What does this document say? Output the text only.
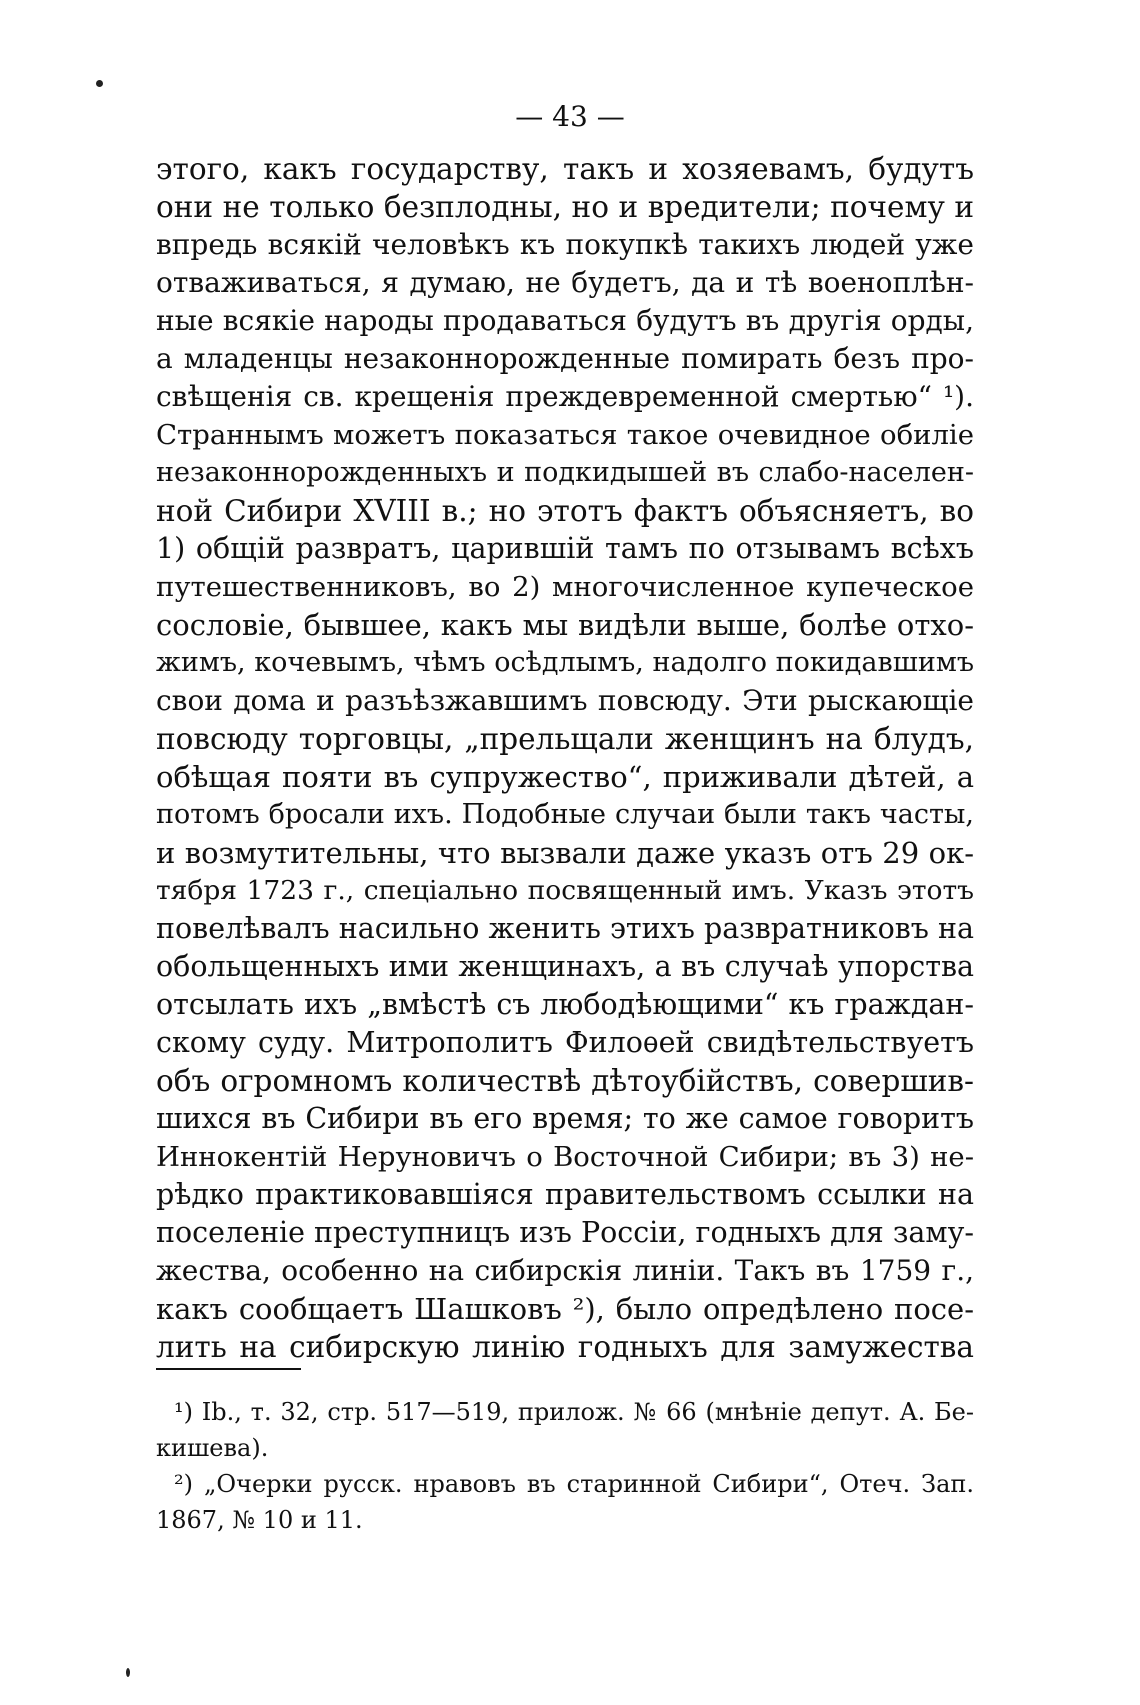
— 43 —
этого, какъ государству, такъ и хозяевамъ, будутъ
они не только безплодны, но и вредители; почему и
впредь всякій человѣкъ къ покупкѣ такихъ людей уже
отваживаться, я думаю, не будетъ, да и тѣ военоплѣн-
ные всякіе народы продаваться будутъ въ другія орды,
а младенцы незаконнорожденные помирать безъ про-
свѣщенія св. крещенія преждевременной смертью“ ¹).
Страннымъ можетъ показаться такое очевидное обиліе
незаконнорожденныхъ и подкидышей въ слабо-населен-
ной Сибири XVIII в.; но этотъ фактъ объясняетъ, во
1) общій развратъ, царившій тамъ по отзывамъ всѣхъ
путешественниковъ, во 2) многочисленное купеческое
сословіе, бывшее, какъ мы видѣли выше, болѣе отхо-
жимъ, кочевымъ, чѣмъ осѣдлымъ, надолго покидавшимъ
свои дома и разъѣзжавшимъ повсюду. Эти рыскающіе
повсюду торговцы, „прельщали женщинъ на блудъ,
обѣщая пояти въ супружество“, приживали дѣтей, а
потомъ бросали ихъ. Подобные случаи были такъ часты,
и возмутительны, что вызвали даже указъ отъ 29 ок-
тября 1723 г., спеціально посвященный имъ. Указъ этотъ
повелѣвалъ насильно женить этихъ развратниковъ на
обольщенныхъ ими женщинахъ, а въ случаѣ упорства
отсылать ихъ „вмѣстѣ съ любодѣющими“ къ граждан-
скому суду. Митрополитъ Филоѳей свидѣтельствуетъ
объ огромномъ количествѣ дѣтоубійствъ, совершив-
шихся въ Сибири въ его время; то же самое говоритъ
Иннокентій Неруновичъ о Восточной Сибири; въ 3) не-
рѣдко практиковавшіяся правительствомъ ссылки на
поселеніе преступницъ изъ Россіи, годныхъ для заму-
жества, особенно на сибирскія линіи. Такъ въ 1759 г.,
какъ сообщаетъ Шашковъ ²), было опредѣлено посе-
лить на сибирскую линію годныхъ для замужества
¹) Ib., т. 32, стр. 517—519, прилож. № 66 (мнѣніе депут. А. Бе-
кишева).
²) „Очерки русск. нравовъ въ старинной Сибири“, Отеч. Зап.
1867, № 10 и 11.
